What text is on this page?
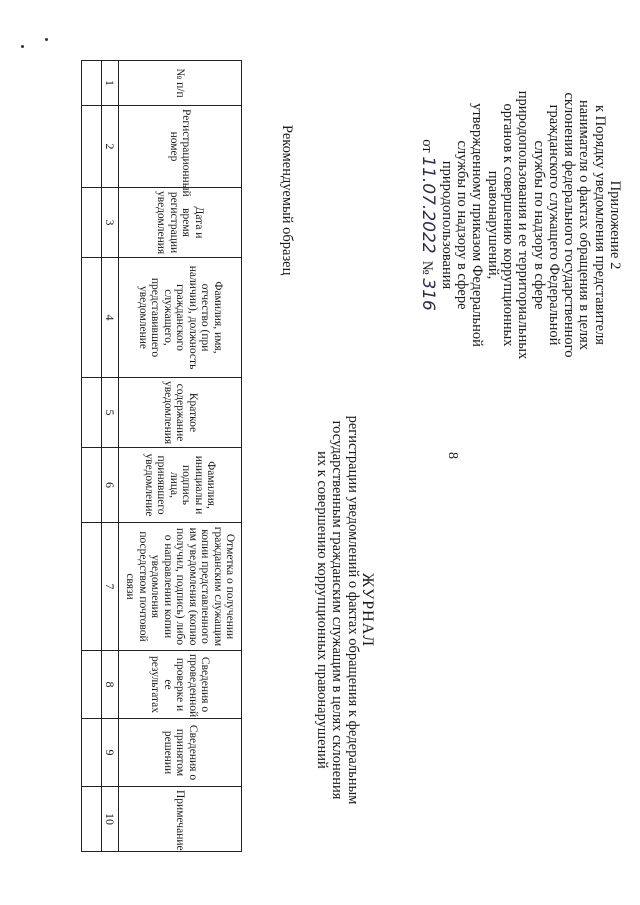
8
Приложение 2
к Порядку уведомления представителя
нанимателя о фактах обращения в целях
склонения федерального государственного
гражданского служащего Федеральной
службы по надзору в сфере
природопользования и ее территориальных
органов к совершению коррупционных
правонарушений,
утвержденному приказом Федеральной
службы по надзору в сфере
природопользования
от 11.07.2022  № 316
Рекомендуемый образец
ЖУРНАЛ
регистрации уведомлений о фактах обращения к федеральным
государственным гражданским служащим в целях склонения
их к совершению коррупционных правонарушений
№ п/п	Регистрационный номер	Дата и время регистрации уведомления	Фамилия, имя, отчество (при наличии), должность гражданского служащего, представившего уведомление	Краткое содержание уведомления	Фамилия, инициалы и подпись лица, принявшего уведомление	Отметка о получении гражданским служащим копии представленного им уведомления (копию получил, подпись) либо о направлении копии уведомления посредством почтовой связи	Сведения о проведенной проверке и ее результатах	Сведения о принятом решении	Примечание
1	2	3	4	5	6	7	8	9	10
